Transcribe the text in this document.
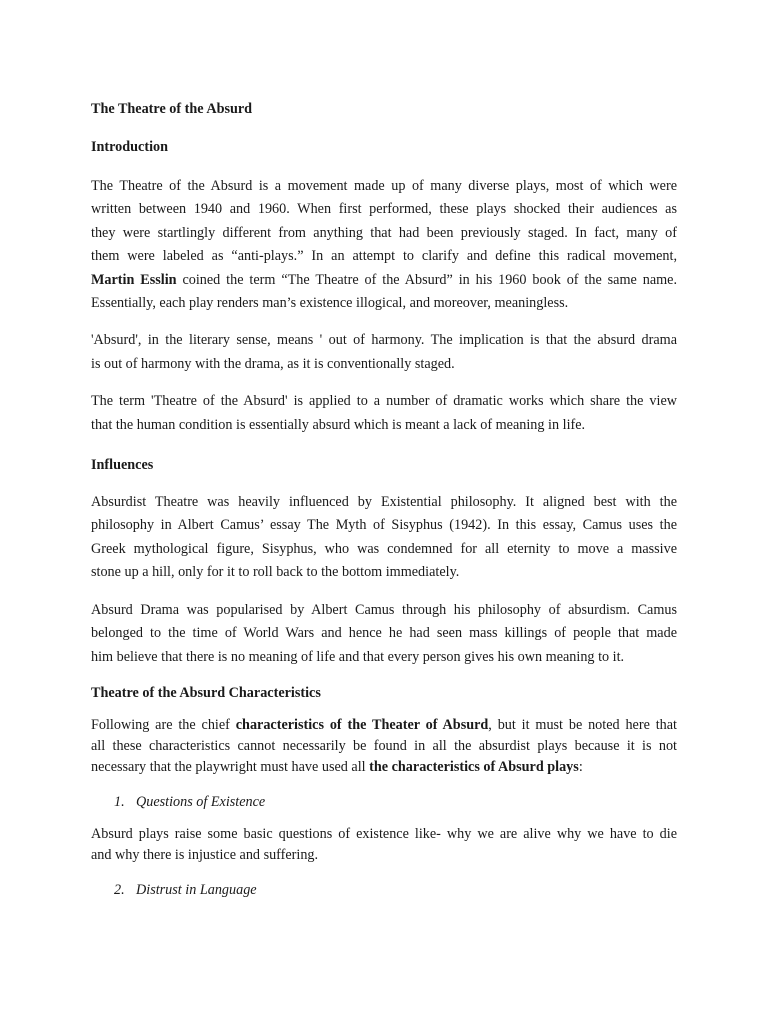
The Theatre of the Absurd
Introduction
The Theatre of the Absurd is a movement made up of many diverse plays, most of which were
written between 1940 and 1960. When first performed, these plays shocked their audiences as
they were startlingly different from anything that had been previously staged. In fact, many of
them were labeled as “anti-plays.” In an attempt to clarify and define this radical movement,
Martin Esslin coined the term “The Theatre of the Absurd” in his 1960 book of the same name.
Essentially, each play renders man’s existence illogical, and moreover, meaningless.
'Absurd', in the literary sense, means ' out of harmony. The implication is that the absurd drama
is out of harmony with the drama, as it is conventionally staged.
The term 'Theatre of the Absurd' is applied to a number of dramatic works which share the view
that the human condition is essentially absurd which is meant a lack of meaning in life.
Influences
Absurdist Theatre was heavily influenced by Existential philosophy. It aligned best with the
philosophy in Albert Camus’ essay The Myth of Sisyphus (1942). In this essay, Camus uses the
Greek mythological figure, Sisyphus, who was condemned for all eternity to move a massive
stone up a hill, only for it to roll back to the bottom immediately.
Absurd Drama was popularised by Albert Camus through his philosophy of absurdism. Camus
belonged to the time of World Wars and hence he had seen mass killings of people that made
him believe that there is no meaning of life and that every person gives his own meaning to it.
Theatre of the Absurd Characteristics
Following are the chief characteristics of the Theater of Absurd, but it must be noted here that
all these characteristics cannot necessarily be found in all the absurdist plays because it is not
necessary that the playwright must have used all the characteristics of Absurd plays:
1. Questions of Existence
Absurd plays raise some basic questions of existence like- why we are alive why we have to die
and why there is injustice and suffering.
2. Distrust in Language
